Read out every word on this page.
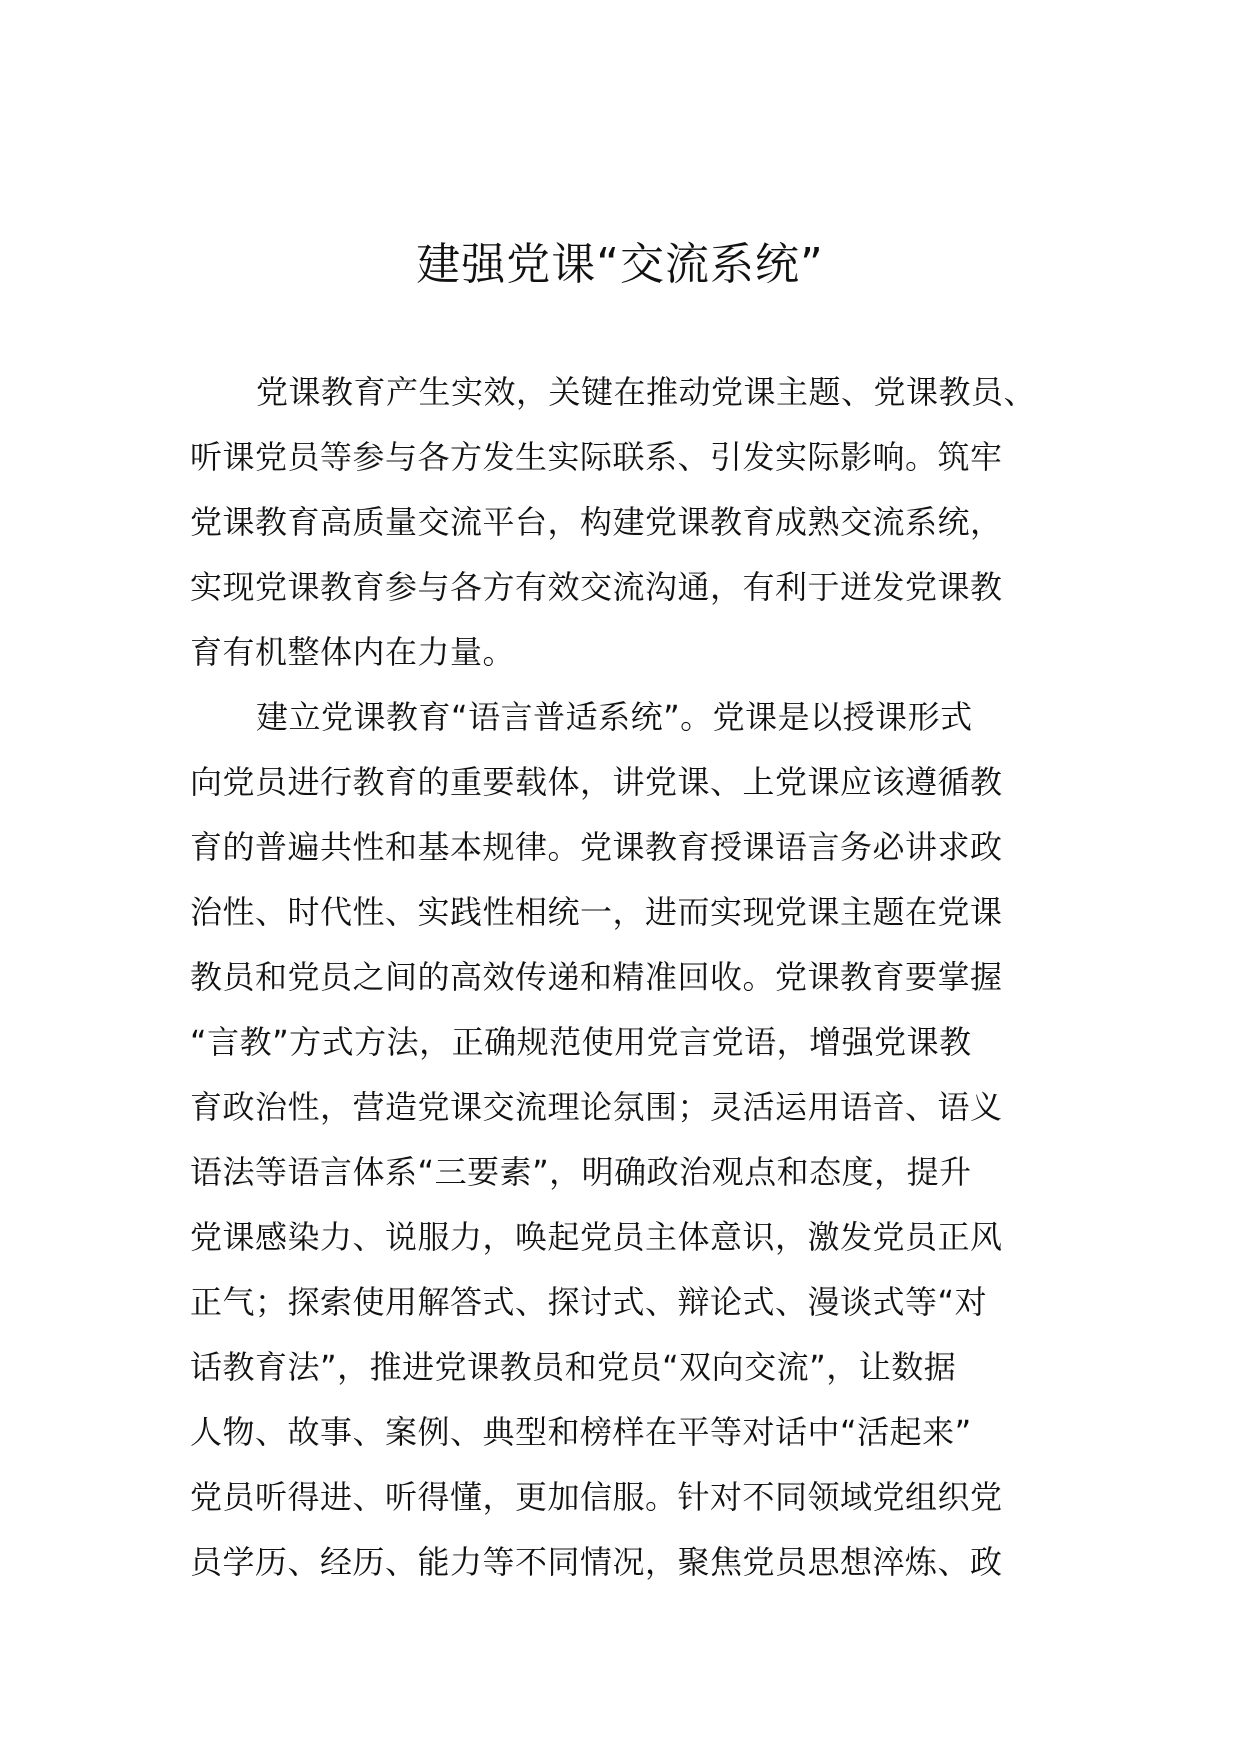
建强党课“交流系统”
党课教育产生实效，关键在推动党课主题、党课教员、
听课党员等参与各方发生实际联系、引发实际影响。筑牢
党课教育高质量交流平台，构建党课教育成熟交流系统，
实现党课教育参与各方有效交流沟通，有利于迸发党课教
育有机整体内在力量。
建立党课教育“语言普适系统”。党课是以授课形式
向党员进行教育的重要载体，讲党课、上党课应该遵循教
育的普遍共性和基本规律。党课教育授课语言务必讲求政
治性、时代性、实践性相统一，进而实现党课主题在党课
教员和党员之间的高效传递和精准回收。党课教育要掌握
“言教”方式方法，正确规范使用党言党语，增强党课教
育政治性，营造党课交流理论氛围；灵活运用语音、语义
语法等语言体系“三要素”，明确政治观点和态度，提升
党课感染力、说服力，唤起党员主体意识，激发党员正风
正气；探索使用解答式、探讨式、辩论式、漫谈式等“对
话教育法”，推进党课教员和党员“双向交流”，让数据
人物、故事、案例、典型和榜样在平等对话中“活起来”
党员听得进、听得懂，更加信服。针对不同领域党组织党
员学历、经历、能力等不同情况，聚焦党员思想淬炼、政
